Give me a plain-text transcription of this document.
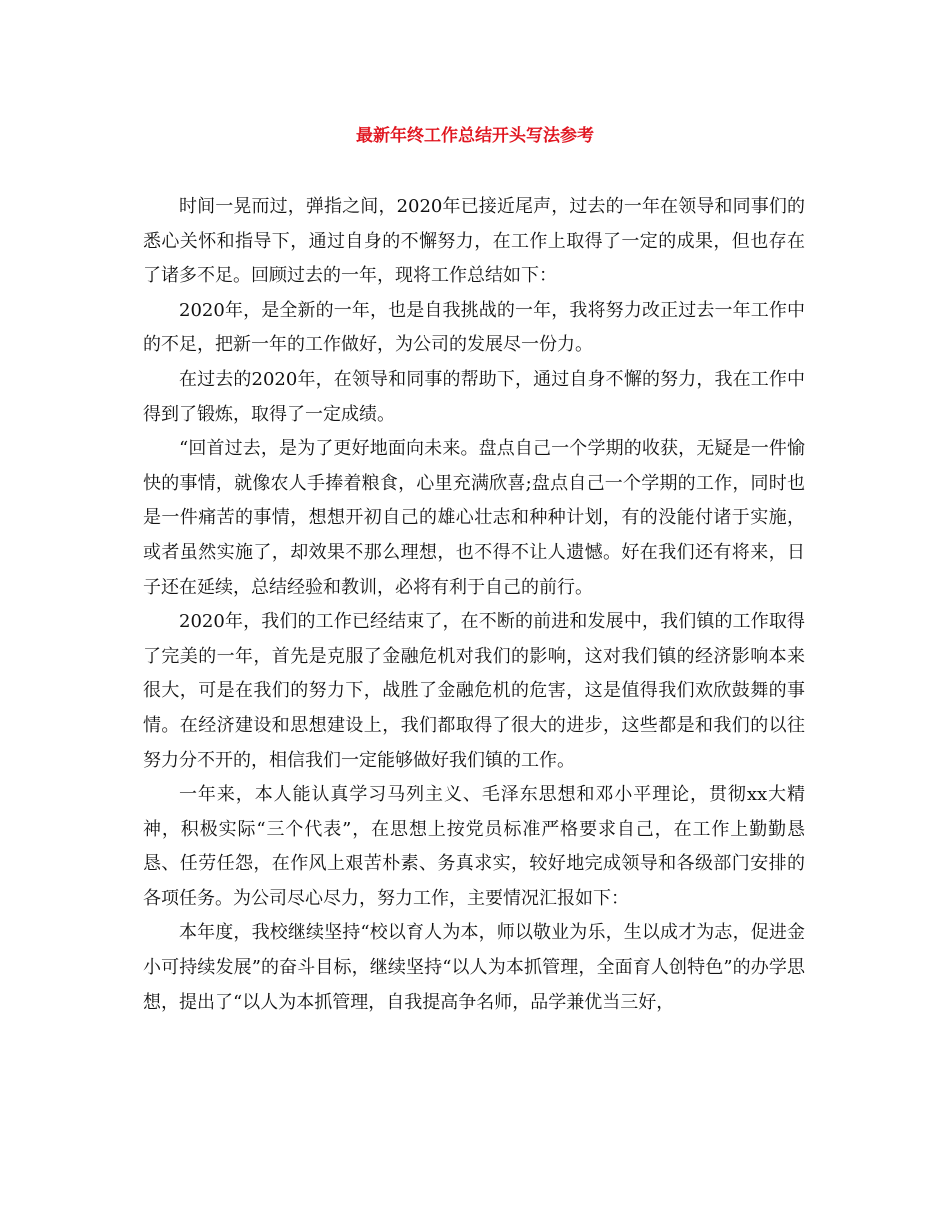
最新年终工作总结开头写法参考

时间一晃而过，弹指之间，2020年已接近尾声，过去的一年在领导和同事们的悉心关怀和指导下，通过自身的不懈努力，在工作上取得了一定的成果，但也存在了诸多不足。回顾过去的一年，现将工作总结如下：

2020年，是全新的一年，也是自我挑战的一年，我将努力改正过去一年工作中的不足，把新一年的工作做好，为公司的发展尽一份力。

在过去的2020年，在领导和同事的帮助下，通过自身不懈的努力，我在工作中得到了锻炼，取得了一定成绩。

“回首过去，是为了更好地面向未来。盘点自己一个学期的收获，无疑是一件愉快的事情，就像农人手捧着粮食，心里充满欣喜;盘点自己一个学期的工作，同时也是一件痛苦的事情，想想开初自己的雄心壮志和种种计划，有的没能付诸于实施，或者虽然实施了，却效果不那么理想，也不得不让人遗憾。好在我们还有将来，日子还在延续，总结经验和教训，必将有利于自己的前行。

2020年，我们的工作已经结束了，在不断的前进和发展中，我们镇的工作取得了完美的一年，首先是克服了金融危机对我们的影响，这对我们镇的经济影响本来很大，可是在我们的努力下，战胜了金融危机的危害，这是值得我们欢欣鼓舞的事情。在经济建设和思想建设上，我们都取得了很大的进步，这些都是和我们的以往努力分不开的，相信我们一定能够做好我们镇的工作。

一年来，本人能认真学习马列主义、毛泽东思想和邓小平理论，贯彻xx大精神，积极实际“三个代表”，在思想上按党员标准严格要求自己，在工作上勤勤恳恳、任劳任怨，在作风上艰苦朴素、务真求实，较好地完成领导和各级部门安排的各项任务。为公司尽心尽力，努力工作，主要情况汇报如下：

本年度，我校继续坚持“校以育人为本，师以敬业为乐，生以成才为志，促进金小可持续发展”的奋斗目标，继续坚持“以人为本抓管理，全面育人创特色”的办学思想，提出了“以人为本抓管理，自我提高争名师，品学兼优当三好，
